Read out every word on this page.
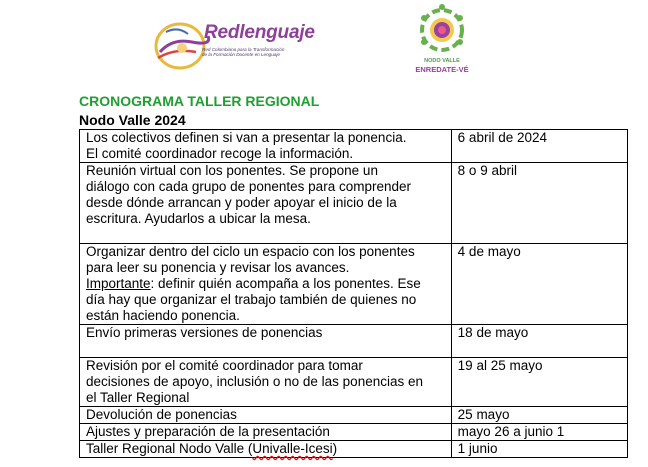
Redlenguaje
Red Colombiana para la Transformación
de la Formación Docente en Lenguaje
NODO VALLE
ENREDATE-VÉ
CRONOGRAMA TALLER REGIONAL
Nodo Valle 2024
Los colectivos definen si van a presentar la ponencia.
El comité coordinador recoge la información.	6 abril de 2024

Reunión virtual con los ponentes. Se propone un
diálogo con cada grupo de ponentes para comprender
desde dónde arrancan y poder apoyar el inicio de la
escritura. Ayudarlos a ubicar la mesa.	8 o 9 abril

Organizar dentro del ciclo un espacio con los ponentes
para leer su ponencia y revisar los avances.
Importante: definir quién acompaña a los ponentes. Ese
día hay que organizar el trabajo también de quienes no
están haciendo ponencia.	4 de mayo

Envío primeras versiones de ponencias	18 de mayo

Revisión por el comité coordinador para tomar
decisiones de apoyo, inclusión o no de las ponencias en
el Taller Regional	19 al 25 mayo

Devolución de ponencias	25 mayo

Ajustes y preparación de la presentación	mayo 26 a junio 1
Taller Regional Nodo Valle (Univalle-Icesi)	1 junio
